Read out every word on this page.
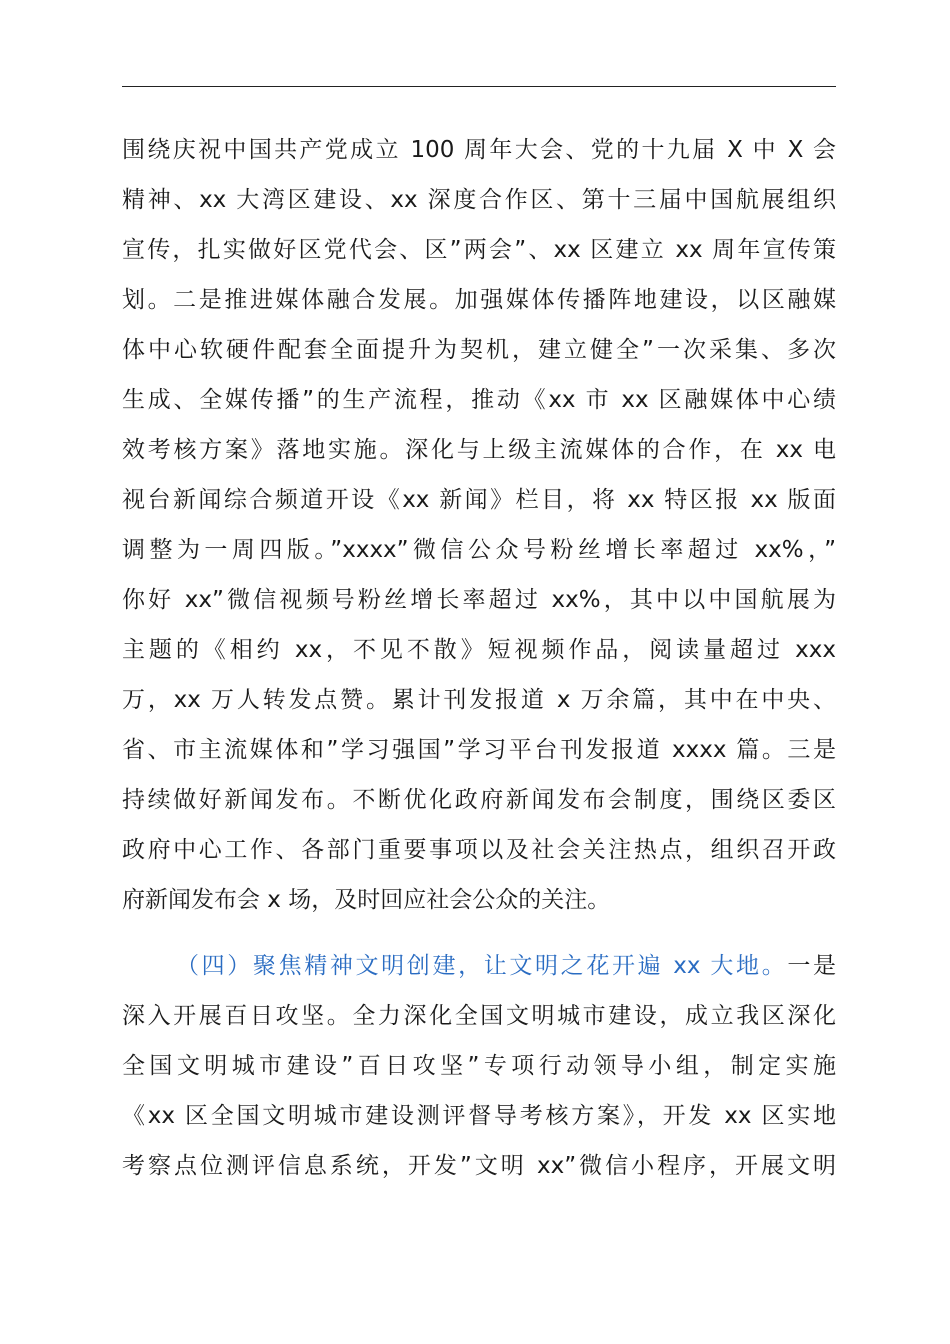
围绕庆祝中国共产党成立 100 周年大会、党的十九届 X 中 X 会
精神、xx 大湾区建设、xx 深度合作区、第十三届中国航展组织
宣传，扎实做好区党代会、区”两会”、xx 区建立 xx 周年宣传策
划。二是推进媒体融合发展。加强媒体传播阵地建设，以区融媒
体中心软硬件配套全面提升为契机，建立健全”一次采集、多次
生成、全媒传播”的生产流程，推动《xx 市 xx 区融媒体中心绩
效考核方案》落地实施。深化与上级主流媒体的合作，在 xx 电
视台新闻综合频道开设《xx 新闻》栏目，将 xx 特区报 xx 版面
调整为一周四版。”xxxx”微信公众号粉丝增长率超过 xx%，”
你好 xx”微信视频号粉丝增长率超过 xx%，其中以中国航展为
主题的《相约 xx，不见不散》短视频作品，阅读量超过 xxx
万，xx 万人转发点赞。累计刊发报道 x 万余篇，其中在中央、
省、市主流媒体和”学习强国”学习平台刊发报道 xxxx 篇。三是
持续做好新闻发布。不断优化政府新闻发布会制度，围绕区委区
政府中心工作、各部门重要事项以及社会关注热点，组织召开政
府新闻发布会 x 场，及时回应社会公众的关注。
（四）聚焦精神文明创建，让文明之花开遍 xx 大地。一是
深入开展百日攻坚。全力深化全国文明城市建设，成立我区深化
全国文明城市建设”百日攻坚”专项行动领导小组，制定实施
《xx 区全国文明城市建设测评督导考核方案》，开发 xx 区实地
考察点位测评信息系统，开发”文明 xx”微信小程序，开展文明
